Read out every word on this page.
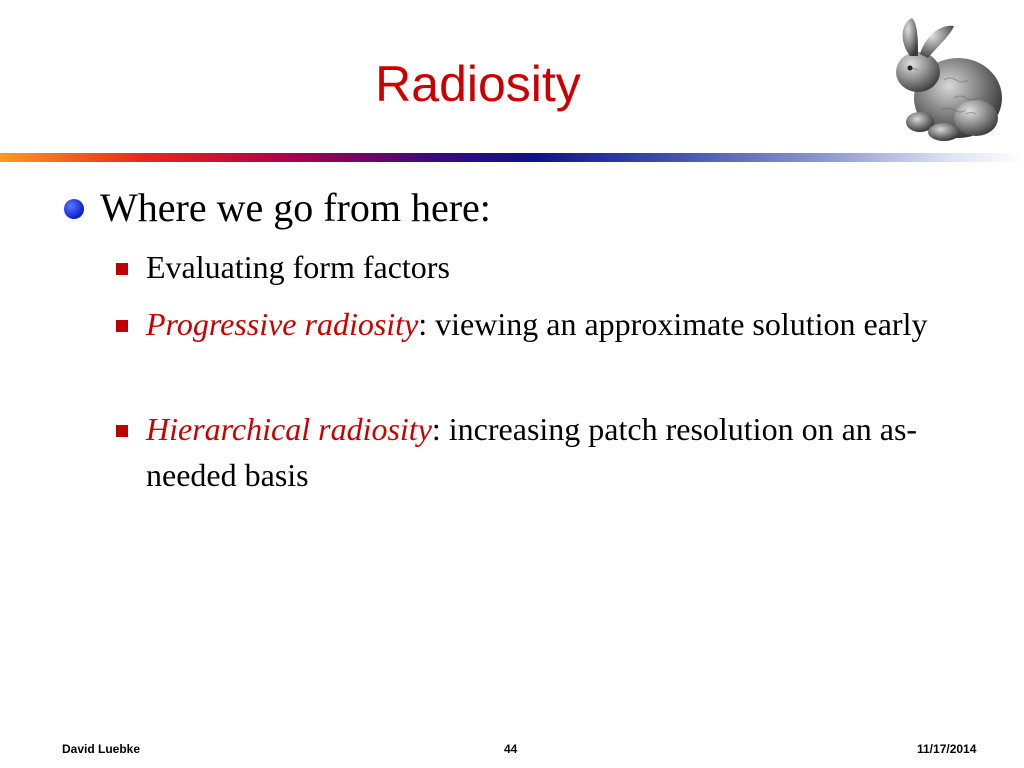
Radiosity
Where we go from here:
Evaluating form factors
Progressive radiosity: viewing an approximate solution early
Hierarchical radiosity: increasing patch resolution on an as-needed basis
David Luebke	44	11/17/2014
